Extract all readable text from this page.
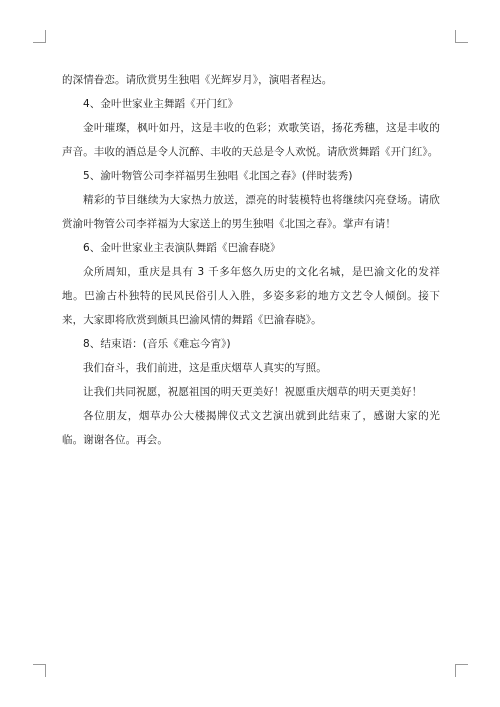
的深情眷恋。请欣赏男生独唱《光辉岁月》，演唱者程达。

4、金叶世家业主舞蹈《开门红》

金叶璀璨，枫叶如丹，这是丰收的色彩；欢歌笑语，扬花秀穗，这是丰收的声音。丰收的酒总是令人沉醉、丰收的天总是令人欢悦。请欣赏舞蹈《开门红》。

5、渝叶物管公司李祥福男生独唱《北国之春》(伴时装秀)

精彩的节目继续为大家热力放送，漂亮的时装模特也将继续闪亮登场。请欣赏渝叶物管公司李祥福为大家送上的男生独唱《北国之春》。掌声有请！

6、金叶世家业主表演队舞蹈《巴渝春晓》

众所周知，重庆是具有 3 千多年悠久历史的文化名城，是巴渝文化的发祥地。巴渝古朴独特的民风民俗引人入胜，多姿多彩的地方文艺令人倾倒。接下来，大家即将欣赏到颇具巴渝风情的舞蹈《巴渝春晓》。

8、结束语：(音乐《难忘今宵》)

我们奋斗，我们前进，这是重庆烟草人真实的写照。

让我们共同祝愿，祝愿祖国的明天更美好！祝愿重庆烟草的明天更美好！

各位朋友，烟草办公大楼揭牌仪式文艺演出就到此结束了，感谢大家的光临。谢谢各位。再会。
